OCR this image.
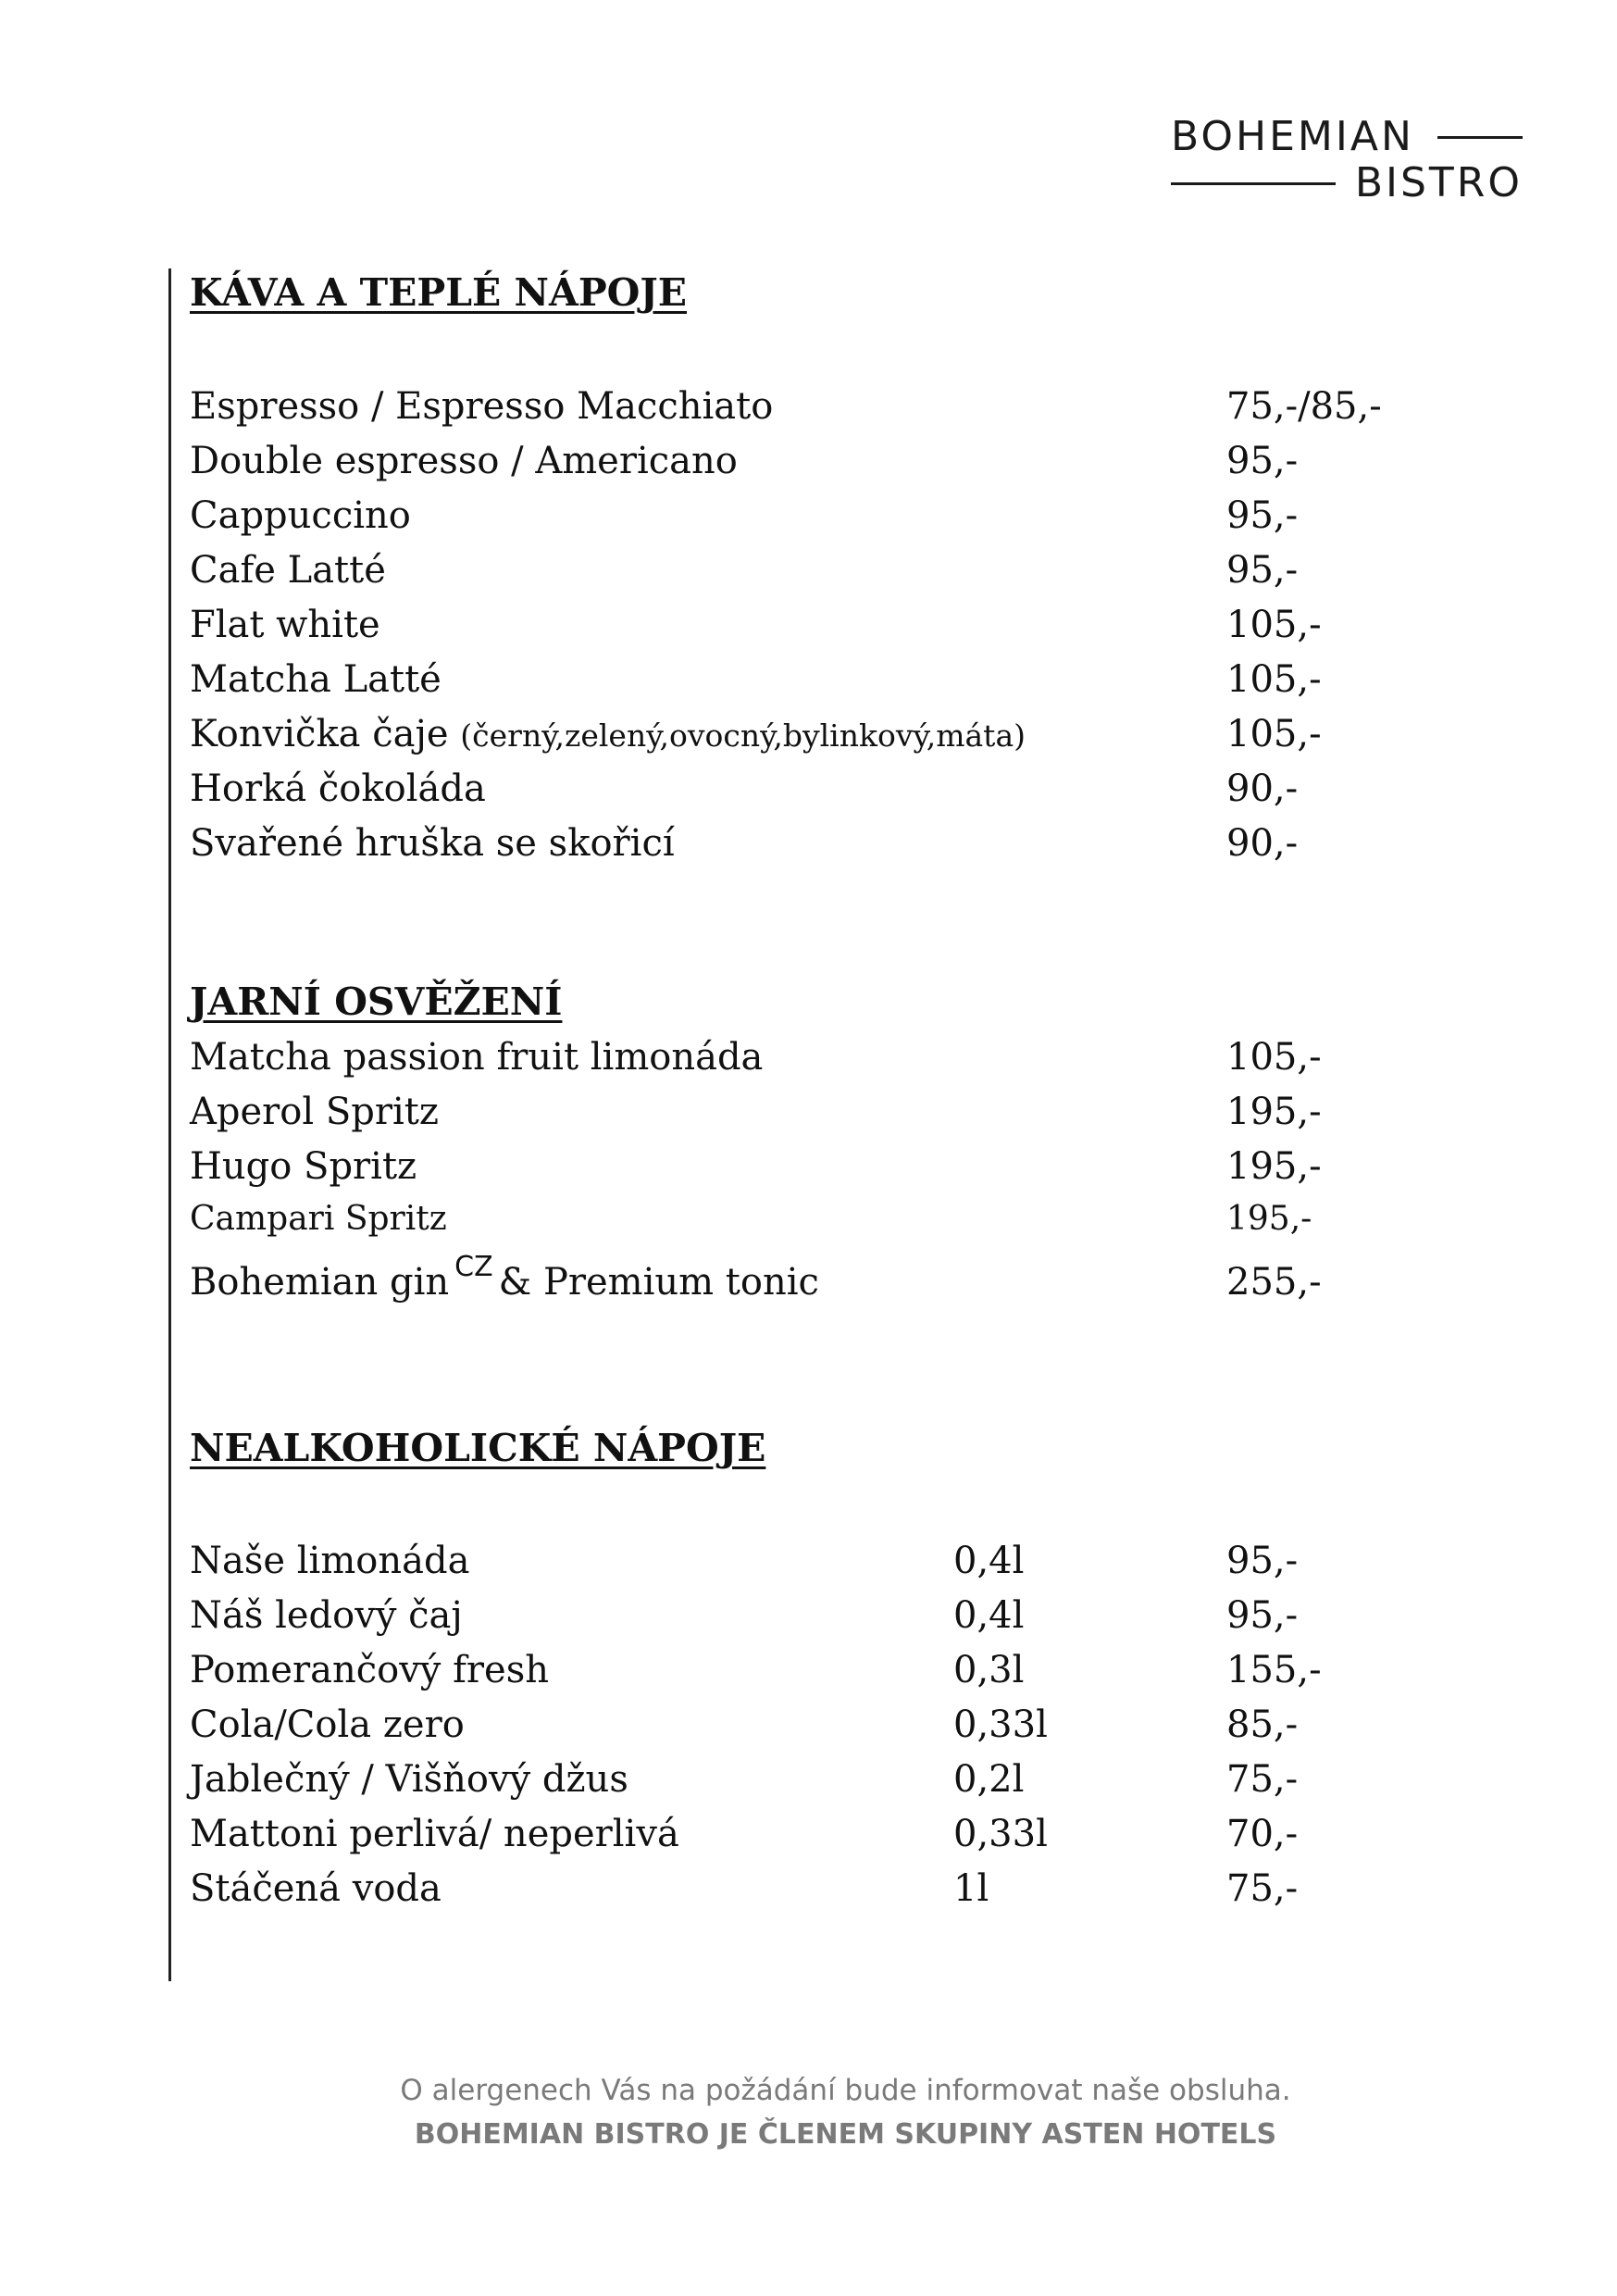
BOHEMIAN
BISTRO
KÁVA A TEPLÉ NÁPOJE
Espresso / Espresso Macchiato	75,-/85,-
Double espresso / Americano	95,-
Cappuccino	95,-
Cafe Latté	95,-
Flat white	105,-
Matcha Latté	105,-
Konvička čaje (černý,zelený,ovocný,bylinkový,máta)	105,-
Horká čokoláda	90,-
Svařené hruška se skořicí	90,-
JARNÍ OSVĚŽENÍ
Matcha passion fruit limonáda	105,-
Aperol Spritz	195,-
Hugo Spritz	195,-
Campari Spritz	195,-
Bohemian gin $^{CZ}$ & Premium tonic	255,-
NEALKOHOLICKÉ NÁPOJE
Naše limonáda	0,4l	95,-
Náš ledový čaj	0,4l	95,-
Pomerančový fresh	0,3l	155,-
Cola/Cola zero	0,33l	85,-
Jablečný / Višňový džus	0,2l	75,-
Mattoni perlivá/ neperlivá	0,33l	70,-
Stáčená voda	1l	75,-
O alergenech Vás na požádání bude informovat naše obsluha.
BOHEMIAN BISTRO JE ČLENEM SKUPINY ASTEN HOTELS
